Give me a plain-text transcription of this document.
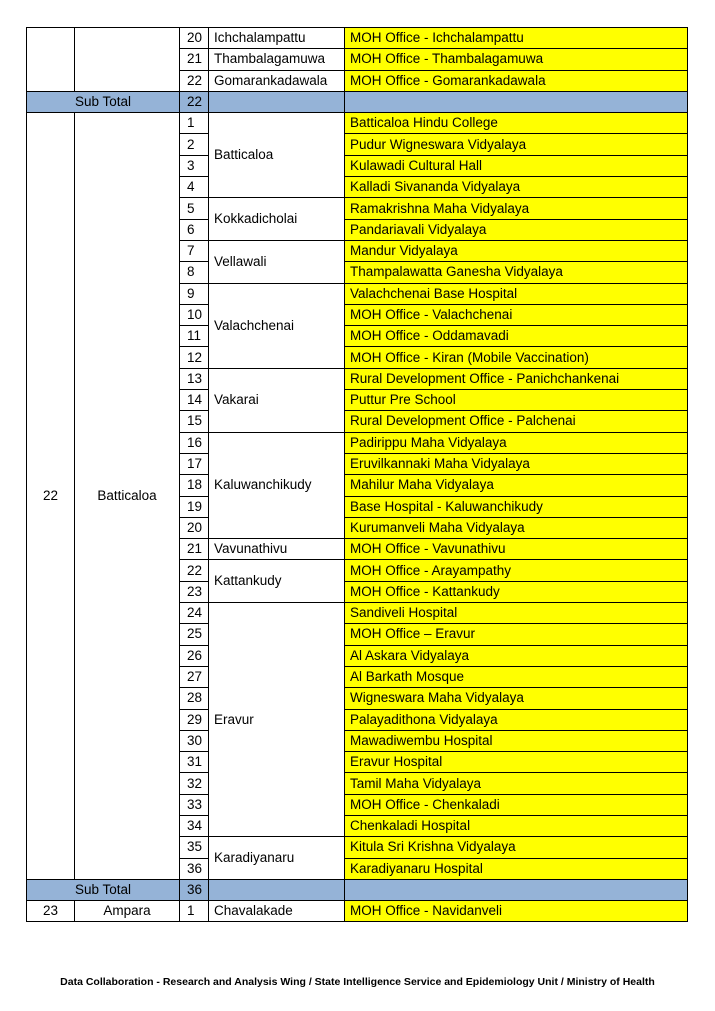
		20	Ichchalampattu	MOH Office - Ichchalampattu
		21	Thambalagamuwa	MOH Office - Thambalagamuwa
		22	Gomarankadawala	MOH Office - Gomarankadawala
Sub Total		22		
22	Batticaloa	1	Batticaloa	Batticaloa Hindu College
		2		Pudur Wigneswara Vidyalaya
		3		Kulawadi Cultural Hall
		4		Kalladi Sivananda Vidyalaya
		5	Kokkadicholai	Ramakrishna Maha Vidyalaya
		6		Pandariavali Vidyalaya
		7	Vellawali	Mandur Vidyalaya
		8		Thampalawatta Ganesha Vidyalaya
		9	Valachchenai	Valachchenai Base Hospital
		10		MOH Office - Valachchenai
		11		MOH Office - Oddamavadi
		12		MOH Office - Kiran (Mobile Vaccination)
		13	Vakarai	Rural Development Office - Panichchankenai
		14		Puttur Pre School
		15		Rural Development Office - Palchenai
		16	Kaluwanchikudy	Padirippu Maha Vidyalaya
		17		Eruvilkannaki Maha Vidyalaya
		18		Mahilur Maha Vidyalaya
		19		Base Hospital - Kaluwanchikudy
		20		Kurumanveli Maha Vidyalaya
		21	Vavunathivu	MOH Office - Vavunathivu
		22	Kattankudy	MOH Office - Arayampathy
		23		MOH Office - Kattankudy
		24	Eravur	Sandiveli Hospital
		25		MOH Office – Eravur
		26		Al Askara Vidyalaya
		27		Al Barkath Mosque
		28		Wigneswara Maha Vidyalaya
		29		Palayadithona Vidyalaya
		30		Mawadiwembu Hospital
		31		Eravur Hospital
		32		Tamil Maha Vidyalaya
		33		MOH Office - Chenkaladi
		34		Chenkaladi Hospital
		35	Karadiyanaru	Kitula Sri Krishna Vidyalaya
		36		Karadiyanaru Hospital
Sub Total		36		
23	Ampara	1	Chavalakade	MOH Office - Navidanveli
Data Collaboration - Research and Analysis Wing / State Intelligence Service and Epidemiology Unit / Ministry of Health
